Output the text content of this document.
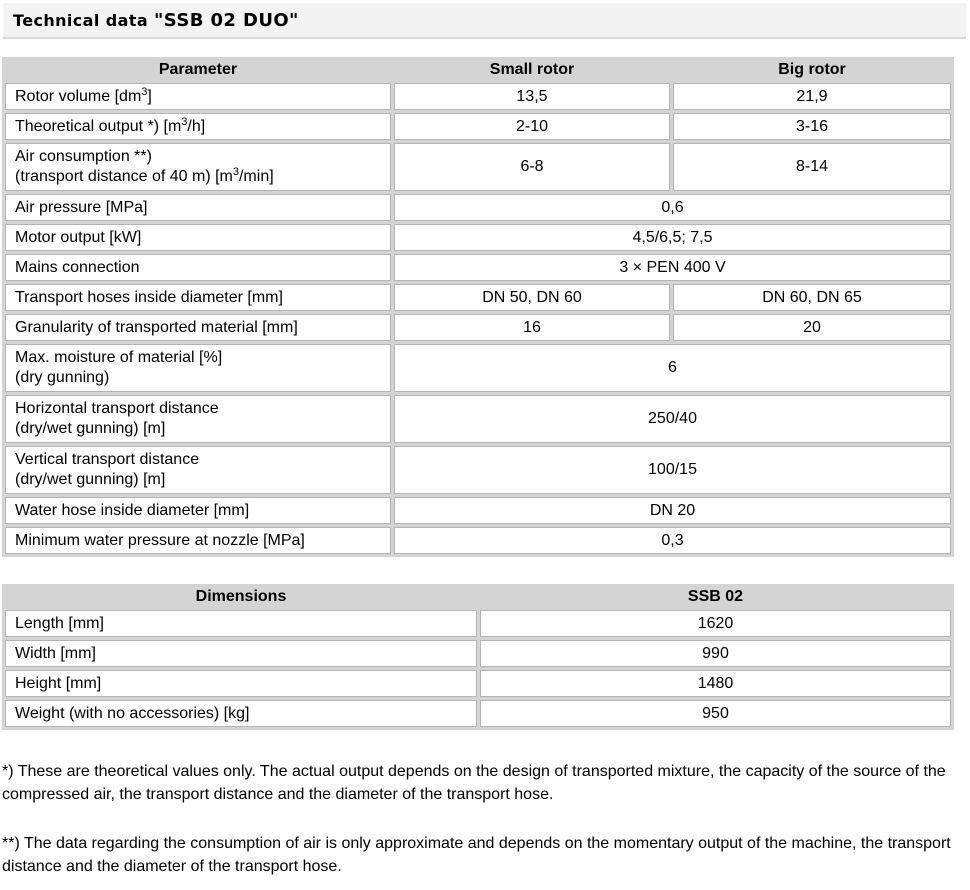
Technical data "SSB 02 DUO"
Parameter	Small rotor	Big rotor
Rotor volume $[dm^3]$	13,5	21,9
Theoretical output *) $[m^3/h]$	2-10	3-16

Air consumption **)
(transport distance of 40 m) $[m^3/\min]$	6-8	8-14
Air pressure [MPa]	0,6	
Motor output [kW]	4,5/6,5; 7,5	
Mains connection	3 × PEN 400 V	
Transport hoses inside diameter [mm]	DN 50, DN 60	DN 60, DN 65
Granularity of transported material [mm]	16	20

Max. moisture of material [%]
(dry gunning)	6	

Horizontal transport distance
(dry/wet gunning) [m]	250/40	

Vertical transport distance
(dry/wet gunning) [m]	100/15	
Water hose inside diameter [mm]	DN 20	
Minimum water pressure at nozzle [MPa]	0,3	
Dimensions	SSB 02
Length [mm]	1620
Width [mm]	990
Height [mm]	1480
Weight (with no accessories) [kg]	950

*) These are theoretical values only. The actual output depends on the design of transported mixture, the capacity of the source of the compressed air, the transport distance and the diameter of the transport hose.

**) The data regarding the consumption of air is only approximate and depends on the momentary output of the machine, the transport distance and the diameter of the transport hose.
